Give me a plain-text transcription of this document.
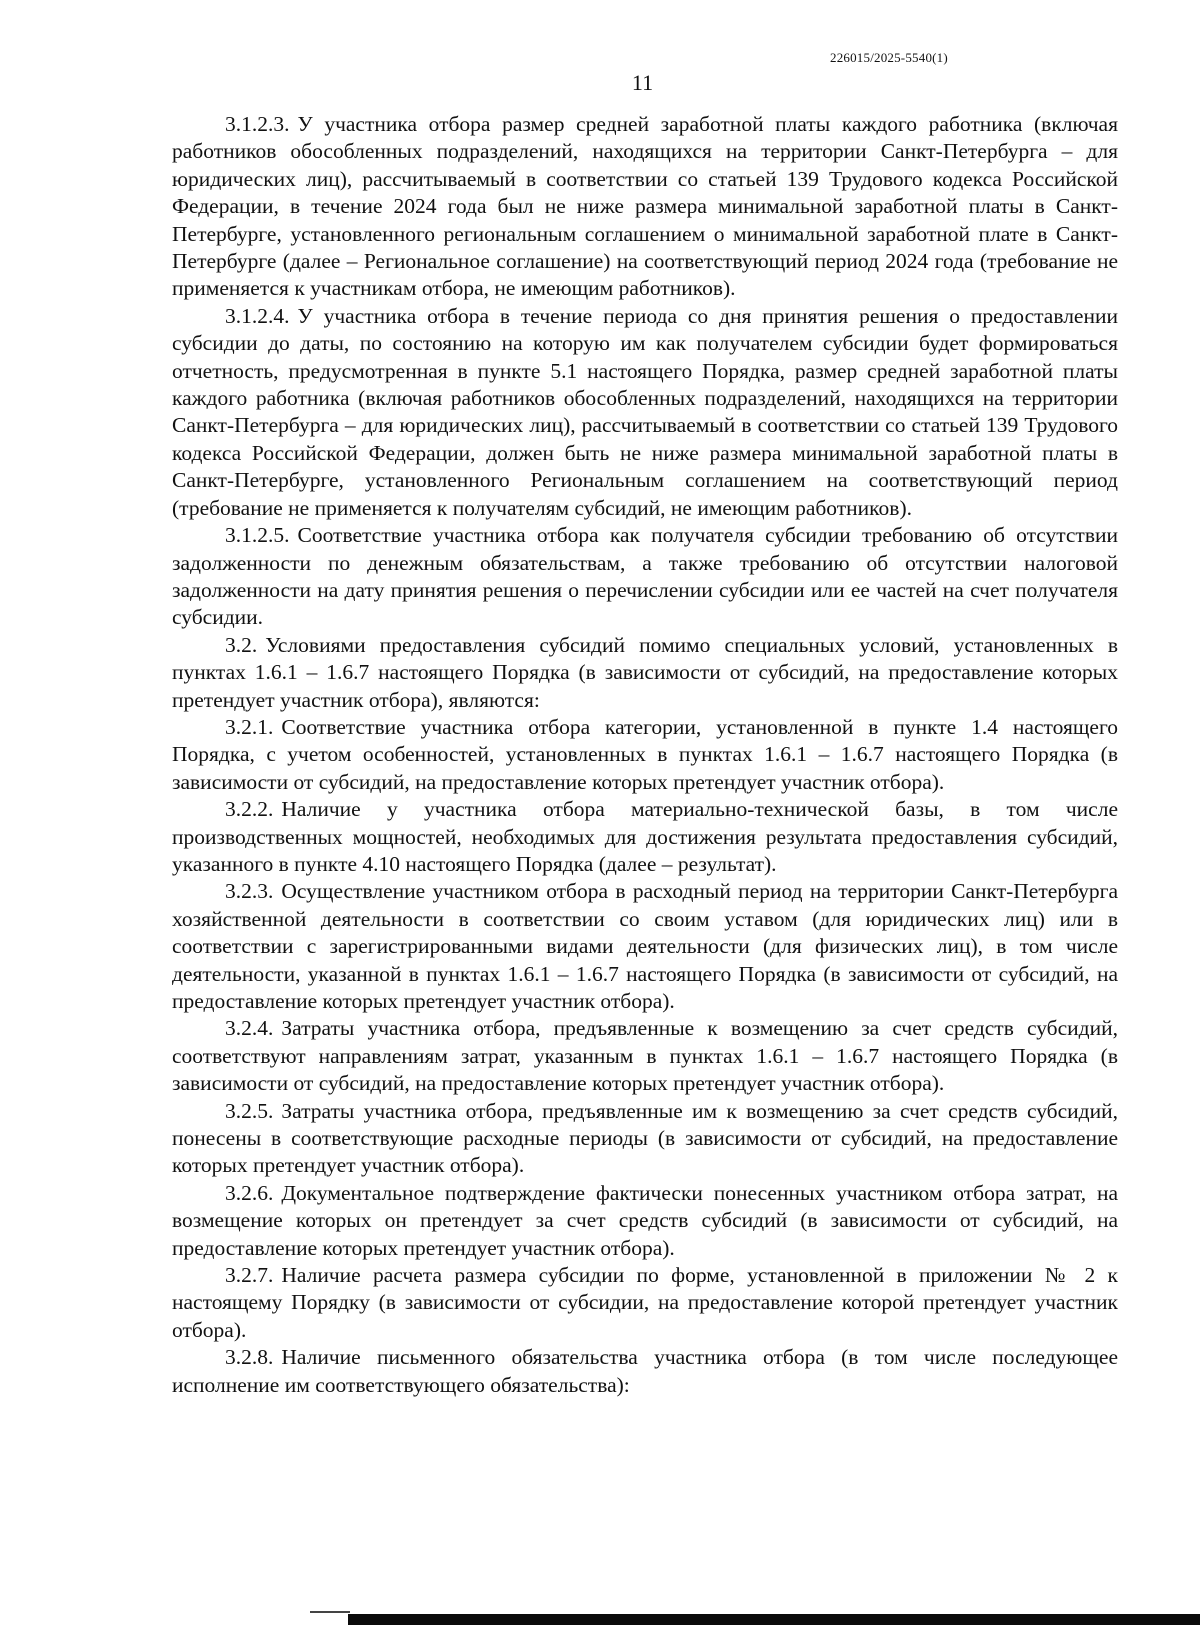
226015/2025-5540(1)
11

3.1.2.3. У участника отбора размер средней заработной платы каждого работника (включая работников обособленных подразделений, находящихся на территории Санкт-Петербурга – для юридических лиц), рассчитываемый в соответствии со статьей 139 Трудового кодекса Российской Федерации, в течение 2024 года был не ниже размера минимальной заработной платы в Санкт-Петербурге, установленного региональным соглашением о минимальной заработной плате в Санкт-Петербурге (далее – Региональное соглашение) на соответствующий период 2024 года (требование не применяется к участникам отбора, не имеющим работников).

3.1.2.4. У участника отбора в течение периода со дня принятия решения о предоставлении субсидии до даты, по состоянию на которую им как получателем субсидии будет формироваться отчетность, предусмотренная в пункте 5.1 настоящего Порядка, размер средней заработной платы каждого работника (включая работников обособленных подразделений, находящихся на территории Санкт-Петербурга – для юридических лиц), рассчитываемый в соответствии со статьей 139 Трудового кодекса Российской Федерации, должен быть не ниже размера минимальной заработной платы в Санкт-Петербурге, установленного Региональным соглашением на соответствующий период (требование не применяется к получателям субсидий, не имеющим работников).

3.1.2.5. Соответствие участника отбора как получателя субсидии требованию об отсутствии задолженности по денежным обязательствам, а также требованию об отсутствии налоговой задолженности на дату принятия решения о перечислении субсидии или ее частей на счет получателя субсидии.

3.2. Условиями предоставления субсидий помимо специальных условий, установленных в пунктах 1.6.1 – 1.6.7 настоящего Порядка (в зависимости от субсидий, на предоставление которых претендует участник отбора), являются:

3.2.1. Соответствие участника отбора категории, установленной в пункте 1.4 настоящего Порядка, с учетом особенностей, установленных в пунктах 1.6.1 – 1.6.7 настоящего Порядка (в зависимости от субсидий, на предоставление которых претендует участник отбора).

3.2.2. Наличие у участника отбора материально-технической базы, в том числе производственных мощностей, необходимых для достижения результата предоставления субсидий, указанного в пункте 4.10 настоящего Порядка (далее – результат).

3.2.3. Осуществление участником отбора в расходный период на территории Санкт-Петербурга хозяйственной деятельности в соответствии со своим уставом (для юридических лиц) или в соответствии с зарегистрированными видами деятельности (для физических лиц), в том числе деятельности, указанной в пунктах 1.6.1 – 1.6.7 настоящего Порядка (в зависимости от субсидий, на предоставление которых претендует участник отбора).

3.2.4. Затраты участника отбора, предъявленные к возмещению за счет средств субсидий, соответствуют направлениям затрат, указанным в пунктах 1.6.1 – 1.6.7 настоящего Порядка (в зависимости от субсидий, на предоставление которых претендует участник отбора).

3.2.5. Затраты участника отбора, предъявленные им к возмещению за счет средств субсидий, понесены в соответствующие расходные периоды (в зависимости от субсидий, на предоставление которых претендует участник отбора).

3.2.6. Документальное подтверждение фактически понесенных участником отбора затрат, на возмещение которых он претендует за счет средств субсидий (в зависимости от субсидий, на предоставление которых претендует участник отбора).

3.2.7. Наличие расчета размера субсидии по форме, установленной в приложении № 2 к настоящему Порядку (в зависимости от субсидии, на предоставление которой претендует участник отбора).

3.2.8. Наличие письменного обязательства участника отбора (в том числе последующее исполнение им соответствующего обязательства):
